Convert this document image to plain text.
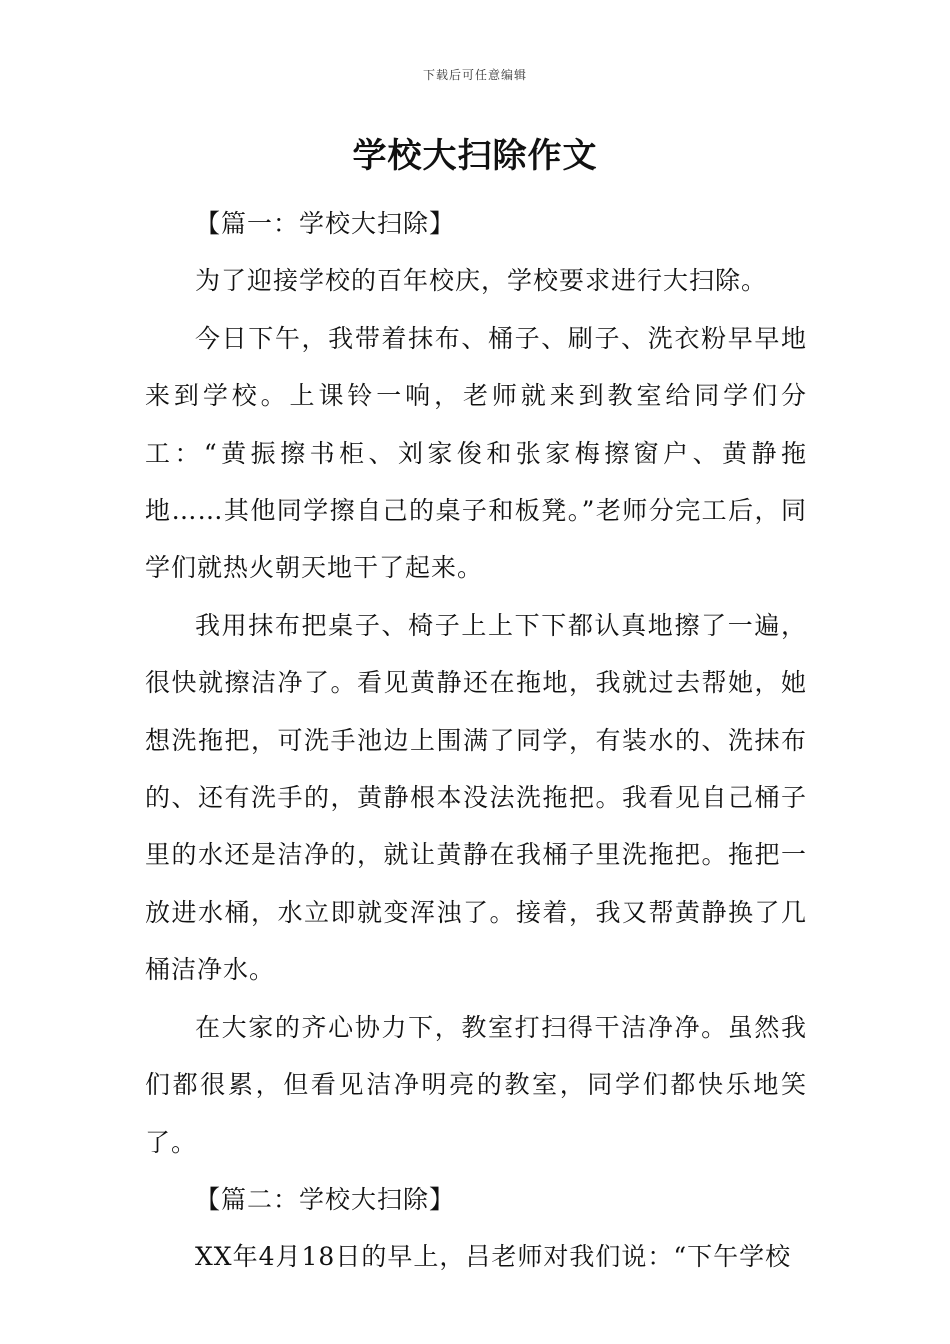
下载后可任意编辑
学校大扫除作文

【篇一：学校大扫除】

为了迎接学校的百年校庆，学校要求进行大扫除。

今日下午，我带着抹布、桶子、刷子、洗衣粉早早地来到学校。上课铃一响，老师就来到教室给同学们分工：“黄振擦书柜、刘家俊和张家梅擦窗户、黄静拖地……其他同学擦自己的桌子和板凳。”老师分完工后，同学们就热火朝天地干了起来。

我用抹布把桌子、椅子上上下下都认真地擦了一遍，很快就擦洁净了。看见黄静还在拖地，我就过去帮她，她想洗拖把，可洗手池边上围满了同学，有装水的、洗抹布的、还有洗手的，黄静根本没法洗拖把。我看见自己桶子里的水还是洁净的，就让黄静在我桶子里洗拖把。拖把一放进水桶，水立即就变浑浊了。接着，我又帮黄静换了几桶洁净水。

在大家的齐心协力下，教室打扫得干洁净净。虽然我们都很累，但看见洁净明亮的教室，同学们都快乐地笑了。

【篇二：学校大扫除】

XX年4月18日的早上，吕老师对我们说：“下午学校
